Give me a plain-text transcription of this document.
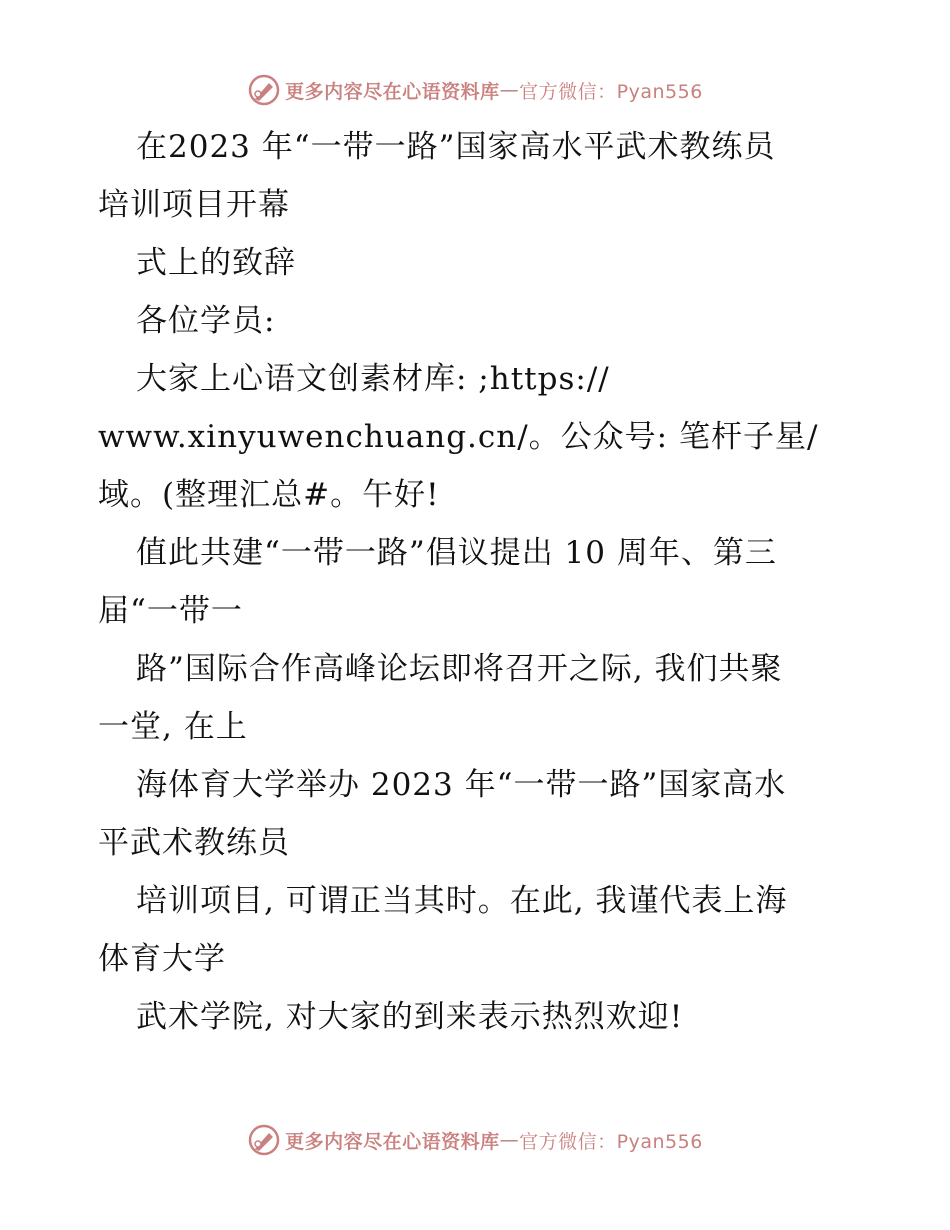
更多内容尽在心语资料库 — 官方微信：Pyan556
在2023 年“一带一路”国家高水平武术教练员
培训项目开幕
式上的致辞
各位学员:
大家上心语文创素材库: ;https://
www.xinyuwenchuang.cn/。公众号: 笔杆子星/
域。(整理汇总#。午好!
值此共建“一带一路”倡议提出 10 周年、第三
届“一带一
路”国际合作高峰论坛即将召开之际, 我们共聚
一堂, 在上
海体育大学举办 2023 年“一带一路”国家高水
平武术教练员
培训项目, 可谓正当其时。在此, 我谨代表上海
体育大学
武术学院, 对大家的到来表示热烈欢迎!
更多内容尽在心语资料库 — 官方微信：Pyan556
